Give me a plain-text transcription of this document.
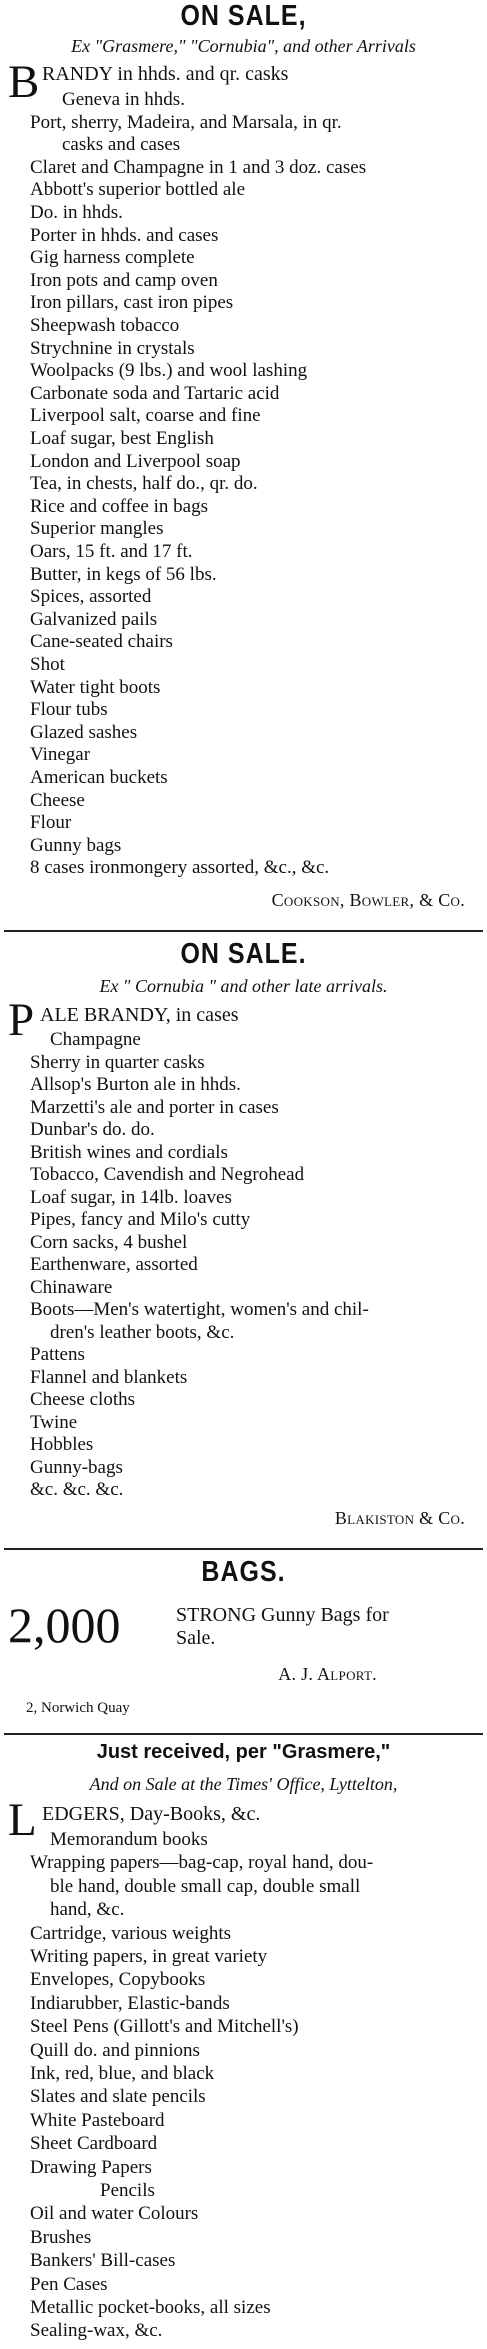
ON SALE,
Ex "Grasmere," "Cornubia", and other Arrivals
B RANDY in hhds. and qr. casks
Geneva in hhds.
Port, sherry, Madeira, and Marsala, in qr.
casks and cases
Claret and Champagne in 1 and 3 doz. cases
Abbott's superior bottled ale
Do. in hhds.
Porter in hhds. and cases
Gig harness complete
Iron pots and camp oven
Iron pillars, cast iron pipes
Sheepwash tobacco
Strychnine in crystals
Woolpacks (9 lbs.) and wool lashing
Carbonate soda and Tartaric acid
Liverpool salt, coarse and fine
Loaf sugar, best English
London and Liverpool soap
Tea, in chests, half do., qr. do.
Rice and coffee in bags
Superior mangles
Oars, 15 ft. and 17 ft.
Butter, in kegs of 56 lbs.
Spices, assorted
Galvanized pails
Cane-seated chairs
Shot
Water tight boots
Flour tubs
Glazed sashes
Vinegar
American buckets
Cheese
Flour
Gunny bags
8 cases ironmongery assorted, &c., &c.
Cookson, Bowler, & Co.
ON SALE.
Ex " Cornubia " and other late arrivals.
P ALE BRANDY, in cases
Champagne
Sherry in quarter casks
Allsop's Burton ale in hhds.
Marzetti's ale and porter in cases
Dunbar's do. do.
British wines and cordials
Tobacco, Cavendish and Negrohead
Loaf sugar, in 14lb. loaves
Pipes, fancy and Milo's cutty
Corn sacks, 4 bushel
Earthenware, assorted
Chinaware
Boots—Men's watertight, women's and chil-
dren's leather boots, &c.
Pattens
Flannel and blankets
Cheese cloths
Twine
Hobbles
Gunny-bags
&c. &c. &c.
Blakiston & Co.
BAGS.
2,000	STRONG Gunny Bags for
Sale.
A. J. Alport.
2, Norwich Quay
Just received, per "Grasmere,"
And on Sale at the Times' Office, Lyttelton,
L EDGERS, Day-Books, &c.
Memorandum books
Wrapping papers—bag-cap, royal hand, dou-
ble hand, double small cap, double small
hand, &c.
Cartridge, various weights
Writing papers, in great variety
Envelopes, Copybooks
Indiarubber, Elastic-bands
Steel Pens (Gillott's and Mitchell's)
Quill do. and pinnions
Ink, red, blue, and black
Slates and slate pencils
White Pasteboard
Sheet Cardboard
Drawing Papers
Pencils
Oil and water Colours
Brushes
Bankers' Bill-cases
Pen Cases
Metallic pocket-books, all sizes
Sealing-wax, &c.
